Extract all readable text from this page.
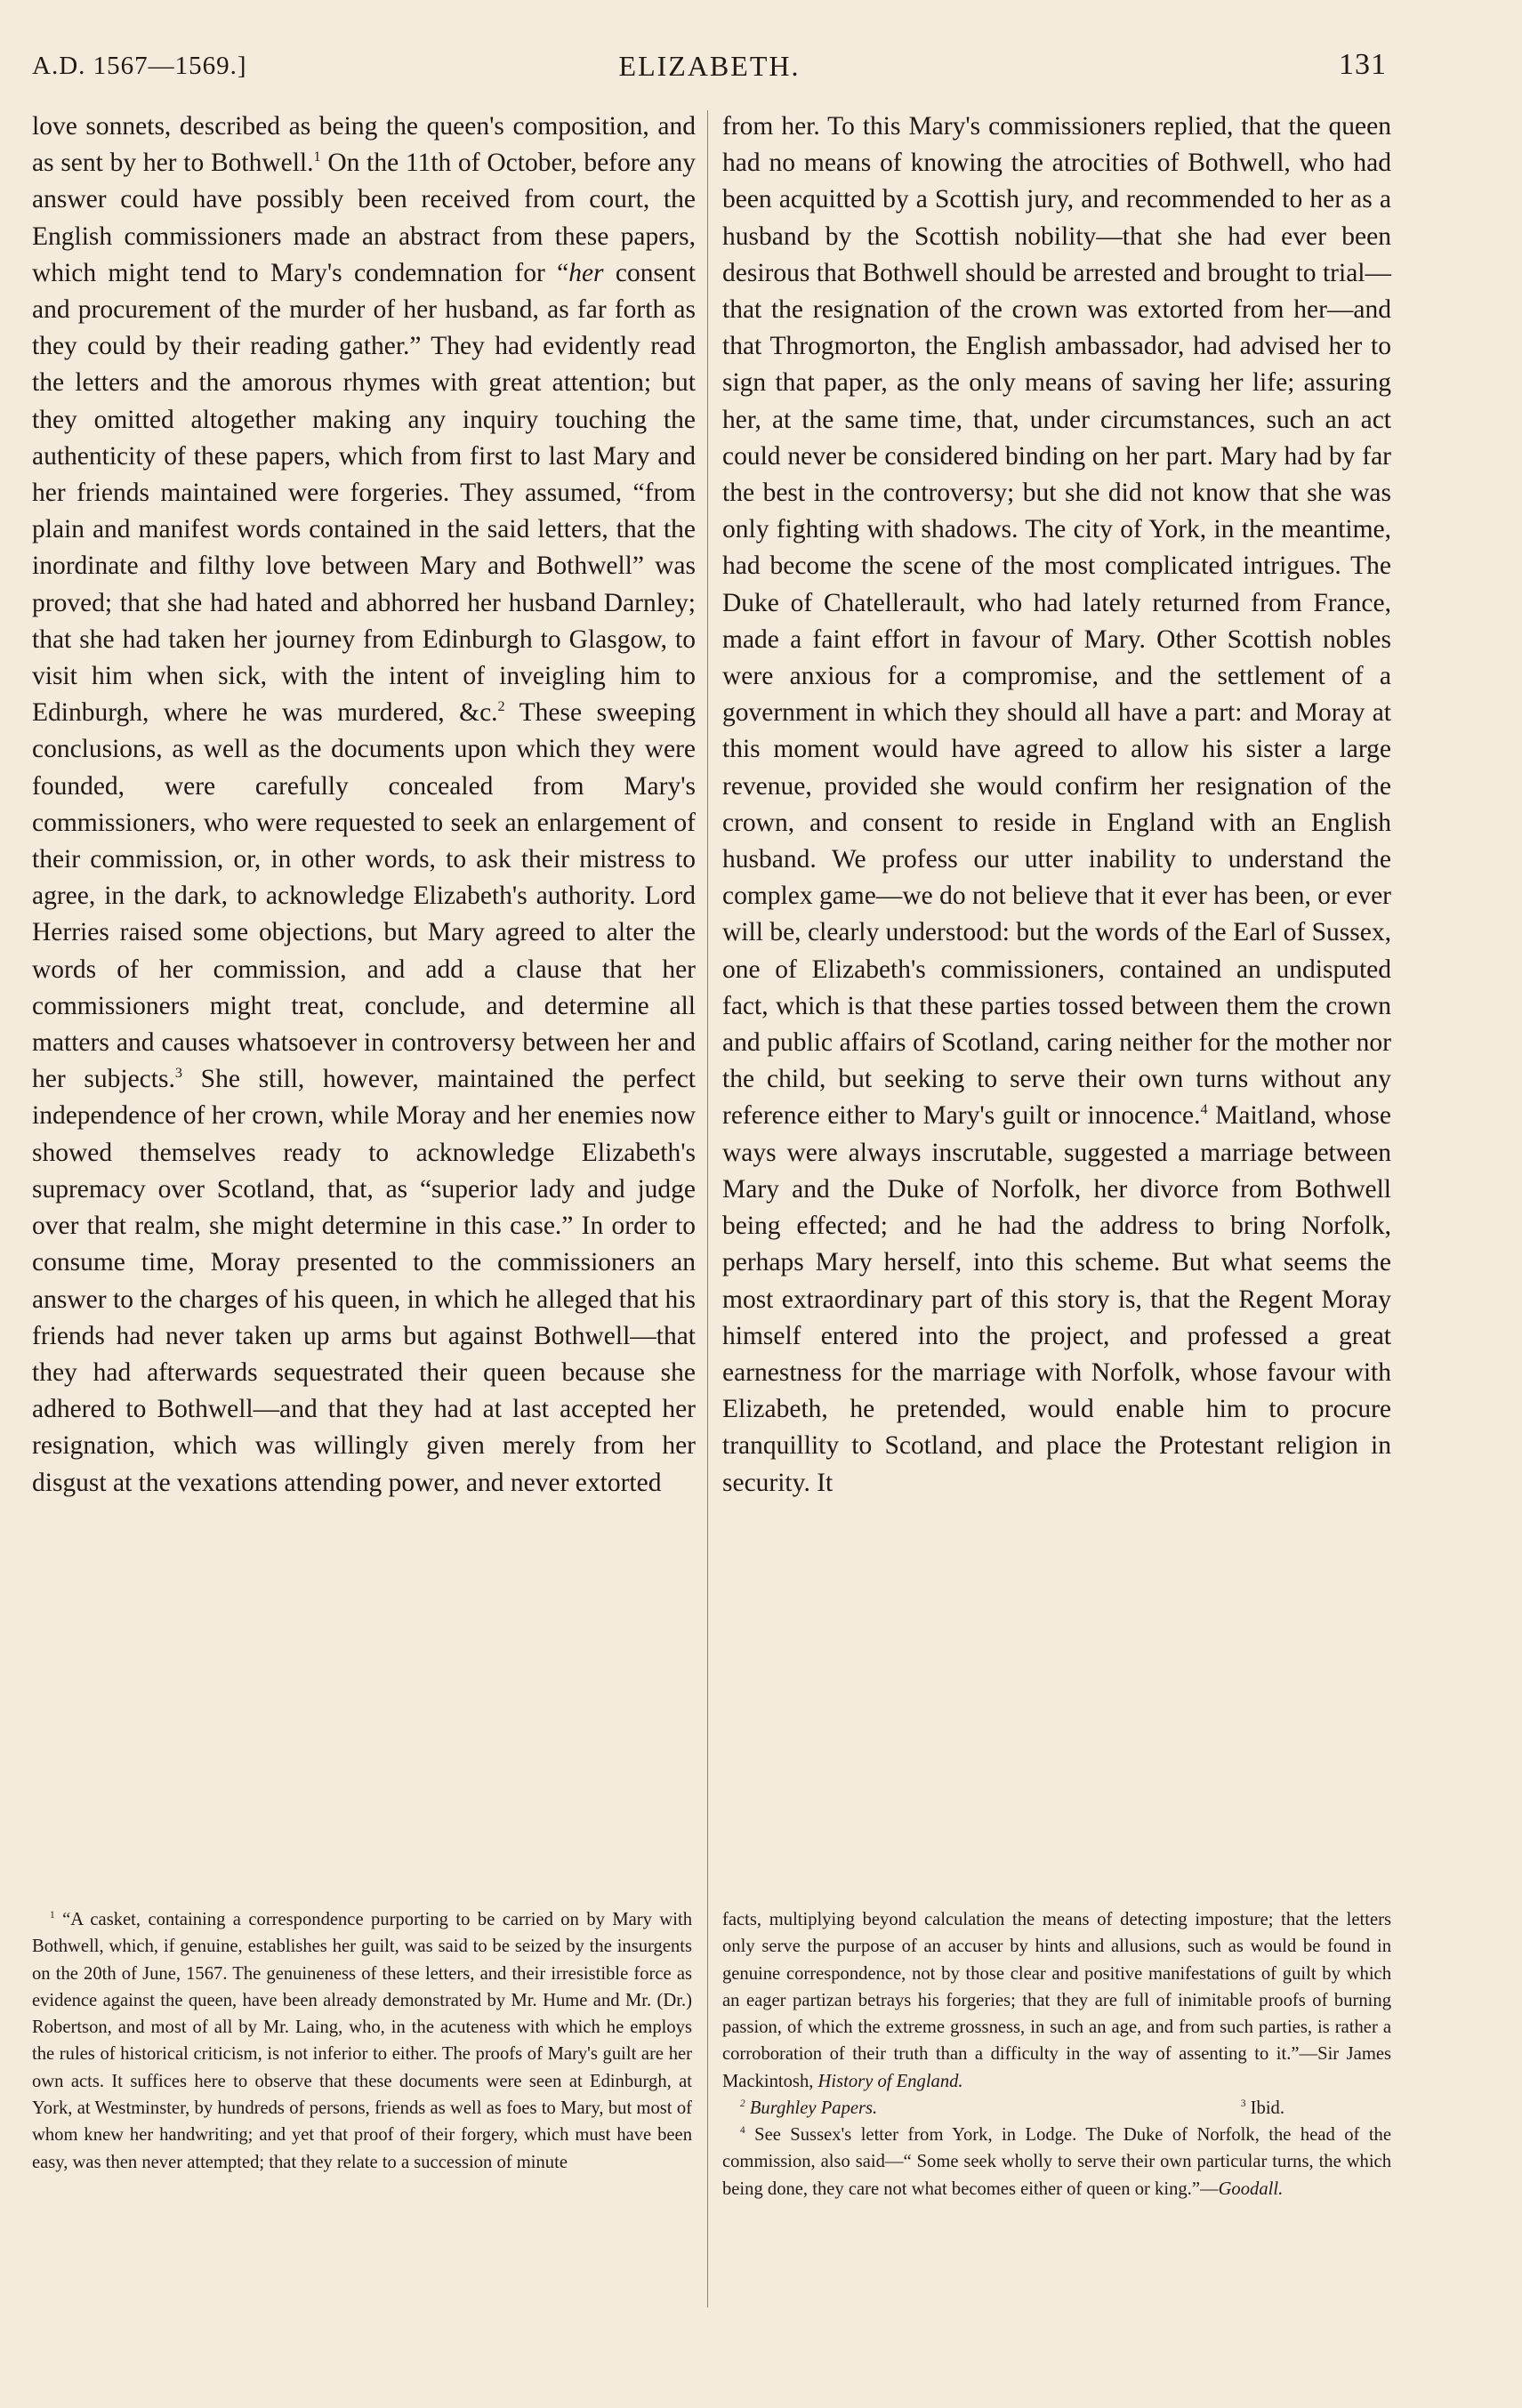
A.D. 1567—1569.]	ELIZABETH.	131

love sonnets, described as being the queen's composition, and as sent by her to Bothwell.$^1$ On the 11th of October, before any answer could have possibly been received from court, the English commissioners made an abstract from these papers, which might tend to Mary's condemnation for “her consent and procurement of the murder of her husband, as far forth as they could by their reading gather.” They had evidently read the letters and the amorous rhymes with great attention; but they omitted altogether making any inquiry touching the authenticity of these papers, which from first to last Mary and her friends maintained were forgeries. They assumed, “from plain and manifest words contained in the said letters, that the inordinate and filthy love between Mary and Bothwell” was proved; that she had hated and abhorred her husband Darnley; that she had taken her journey from Edinburgh to Glasgow, to visit him when sick, with the intent of inveigling him to Edinburgh, where he was murdered, &c.$^2$ These sweeping conclusions, as well as the documents upon which they were founded, were carefully concealed from Mary's commissioners, who were requested to seek an enlargement of their commission, or, in other words, to ask their mistress to agree, in the dark, to acknowledge Elizabeth's authority. Lord Herries raised some objections, but Mary agreed to alter the words of her commission, and add a clause that her commissioners might treat, conclude, and determine all matters and causes whatsoever in controversy between her and her subjects.$^3$ She still, however, maintained the perfect independence of her crown, while Moray and her enemies now showed themselves ready to acknowledge Elizabeth's supremacy over Scotland, that, as “superior lady and judge over that realm, she might determine in this case.” In order to consume time, Moray presented to the commissioners an answer to the charges of his queen, in which he alleged that his friends had never taken up arms but against Bothwell—that they had afterwards sequestrated their queen because she adhered to Bothwell—and that they had at last accepted her resignation, which was willingly given merely from her disgust at the vexations attending power, and never extorted

from her. To this Mary's commissioners replied, that the queen had no means of knowing the atrocities of Bothwell, who had been acquitted by a Scottish jury, and recommended to her as a husband by the Scottish nobility—that she had ever been desirous that Bothwell should be arrested and brought to trial—that the resignation of the crown was extorted from her—and that Throgmorton, the English ambassador, had advised her to sign that paper, as the only means of saving her life; assuring her, at the same time, that, under circumstances, such an act could never be considered binding on her part. Mary had by far the best in the controversy; but she did not know that she was only fighting with shadows. The city of York, in the meantime, had become the scene of the most complicated intrigues. The Duke of Chatellerault, who had lately returned from France, made a faint effort in favour of Mary. Other Scottish nobles were anxious for a compromise, and the settlement of a government in which they should all have a part: and Moray at this moment would have agreed to allow his sister a large revenue, provided she would confirm her resignation of the crown, and consent to reside in England with an English husband. We profess our utter inability to understand the complex game—we do not believe that it ever has been, or ever will be, clearly understood: but the words of the Earl of Sussex, one of Elizabeth's commissioners, contained an undisputed fact, which is that these parties tossed between them the crown and public affairs of Scotland, caring neither for the mother nor the child, but seeking to serve their own turns without any reference either to Mary's guilt or innocence.$^4$ Maitland, whose ways were always inscrutable, suggested a marriage between Mary and the Duke of Norfolk, her divorce from Bothwell being effected; and he had the address to bring Norfolk, perhaps Mary herself, into this scheme. But what seems the most extraordinary part of this story is, that the Regent Moray himself entered into the project, and professed a great earnestness for the marriage with Norfolk, whose favour with Elizabeth, he pretended, would enable him to procure tranquillity to Scotland, and place the Protestant religion in security. It

$^1$ “A casket, containing a correspondence purporting to be carried on by Mary with Bothwell, which, if genuine, establishes her guilt, was said to be seized by the insurgents on the 20th of June, 1567. The genuineness of these letters, and their irresistible force as evidence against the queen, have been already demonstrated by Mr. Hume and Mr. (Dr.) Robertson, and most of all by Mr. Laing, who, in the acuteness with which he employs the rules of historical criticism, is not inferior to either. The proofs of Mary's guilt are her own acts. It suffices here to observe that these documents were seen at Edinburgh, at York, at Westminster, by hundreds of persons, friends as well as foes to Mary, but most of whom knew her handwriting; and yet that proof of their forgery, which must have been easy, was then never attempted; that they relate to a succession of minute

facts, multiplying beyond calculation the means of detecting imposture; that the letters only serve the purpose of an accuser by hints and allusions, such as would be found in genuine correspondence, not by those clear and positive manifestations of guilt by which an eager partizan betrays his forgeries; that they are full of inimitable proofs of burning passion, of which the extreme grossness, in such an age, and from such parties, is rather a corroboration of their truth than a difficulty in the way of assenting to it.”—Sir James Mackintosh, History of England.

$^2$ Burghley Papers.	$^3$ Ibid.

$^4$ See Sussex's letter from York, in Lodge. The Duke of Norfolk, the head of the commission, also said—“ Some seek wholly to serve their own particular turns, the which being done, they care not what becomes either of queen or king.”—Goodall.
